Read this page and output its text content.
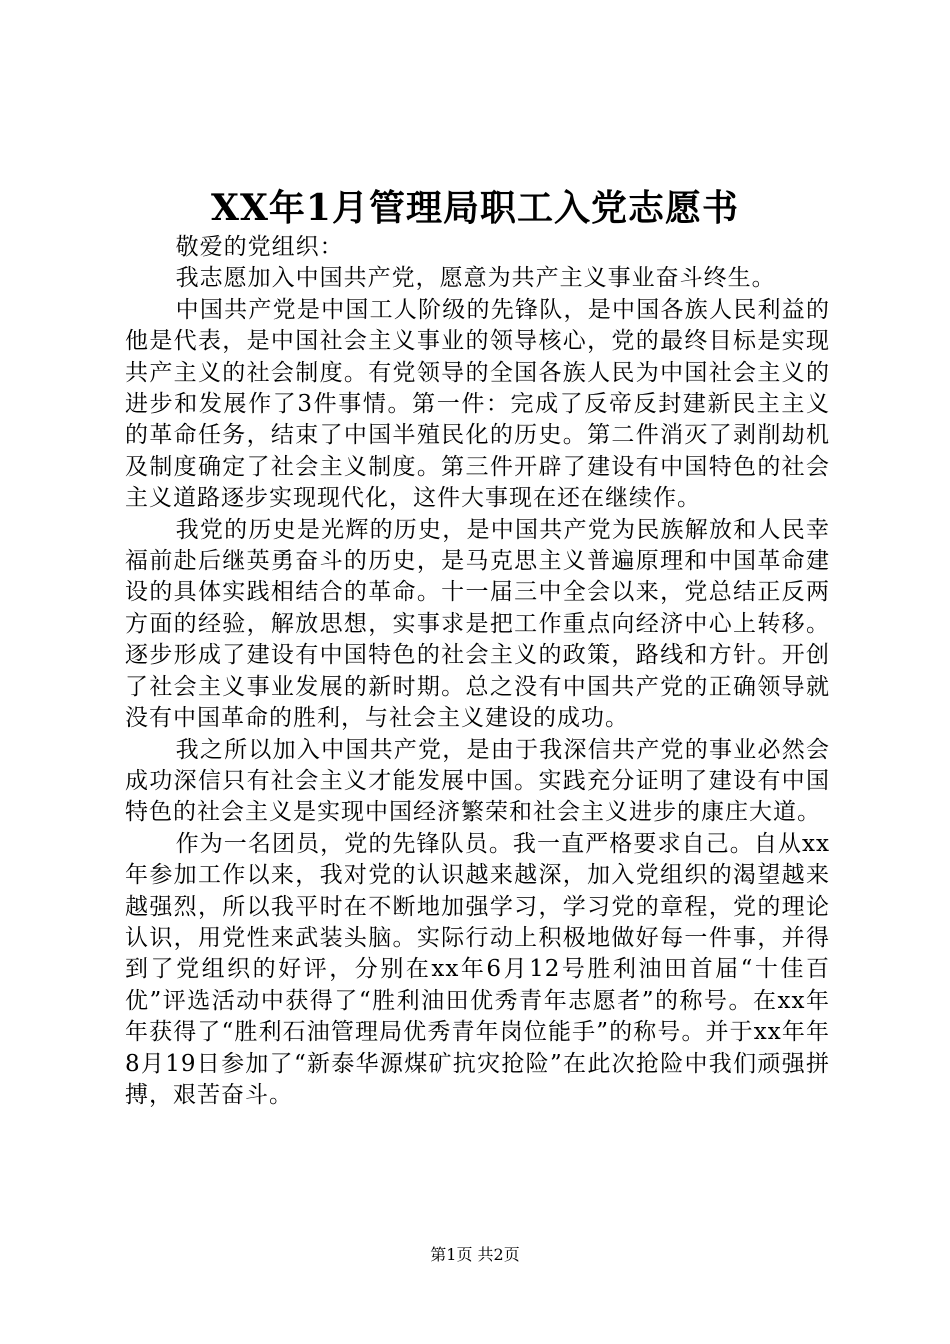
XX年1月管理局职工入党志愿书

敬爱的党组织：

我志愿加入中国共产党，愿意为共产主义事业奋斗终生。

中国共产党是中国工人阶级的先锋队，是中国各族人民利益的他是代表，是中国社会主义事业的领导核心，党的最终目标是实现共产主义的社会制度。有党领导的全国各族人民为中国社会主义的进步和发展作了3件事情。第一件：完成了反帝反封建新民主主义的革命任务，结束了中国半殖民化的历史。第二件消灭了剥削劫机及制度确定了社会主义制度。第三件开辟了建设有中国特色的社会主义道路逐步实现现代化，这件大事现在还在继续作。

我党的历史是光辉的历史，是中国共产党为民族解放和人民幸福前赴后继英勇奋斗的历史，是马克思主义普遍原理和中国革命建设的具体实践相结合的革命。十一届三中全会以来，党总结正反两方面的经验，解放思想，实事求是把工作重点向经济中心上转移。逐步形成了建设有中国特色的社会主义的政策，路线和方针。开创了社会主义事业发展的新时期。总之没有中国共产党的正确领导就没有中国革命的胜利，与社会主义建设的成功。

我之所以加入中国共产党，是由于我深信共产党的事业必然会成功深信只有社会主义才能发展中国。实践充分证明了建设有中国特色的社会主义是实现中国经济繁荣和社会主义进步的康庄大道。

作为一名团员，党的先锋队员。我一直严格要求自己。自从xx年参加工作以来，我对党的认识越来越深，加入党组织的渴望越来越强烈，所以我平时在不断地加强学习，学习党的章程，党的理论认识，用党性来武装头脑。实际行动上积极地做好每一件事，并得到了党组织的好评，分别在xx年6月12号胜利油田首届“十佳百优”评选活动中获得了“胜利油田优秀青年志愿者”的称号。在xx年年获得了“胜利石油管理局优秀青年岗位能手”的称号。并于xx年年8月19日参加了“新泰华源煤矿抗灾抢险”在此次抢险中我们顽强拼搏，艰苦奋斗。

第1页 共2页
